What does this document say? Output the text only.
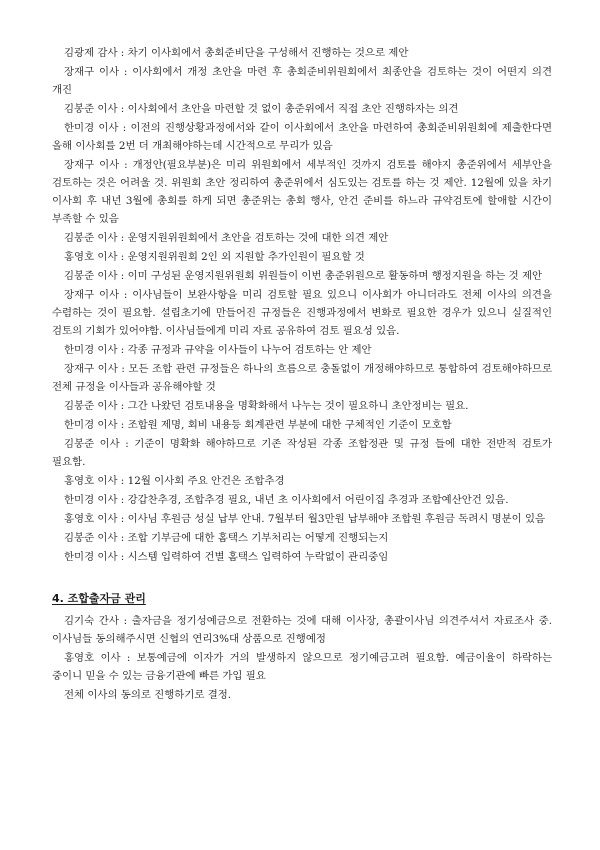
김광제 감사 : 차기 이사회에서 총회준비단을 구성해서 진행하는 것으로 제안

장재구 이사 : 이사회에서 개정 초안을 마련 후 총회준비위원회에서 최종안을 검토하는 것이 어떤지 의견 개진

김봉준 이사 : 이사회에서 초안을 마련할 것 없이 총준위에서 직접 초안 진행하자는 의견

한미경 이사 : 이전의 진행상황과정에서와 같이 이사회에서 초안을 마련하여 총회준비위원회에 제출한다면 올해 이사회를 2번 더 개최해야하는데 시간적으로 무리가 있음

장재구 이사 : 개정안(필요부분)은 미리 위원회에서 세부적인 것까지 검토를 해야지 총준위에서 세부안을 검토하는 것은 어려울 것. 위원회 초안 정리하여 총준위에서 심도있는 검토를 하는 것 제안. 12월에 있을 차기 이사회 후 내년 3월에 총회를 하게 되면 총준위는 총회 행사, 안건 준비를 하느라 규약검토에 할애할 시간이 부족할 수 있음

김봉준 이사 : 운영지원위원회에서 초안을 검토하는 것에 대한 의견 제안

홍영호 이사 : 운영지원위원회 2인 외 지원할 추가인원이 필요할 것

김봉준 이사 : 이미 구성된 운영지원위원회 위원들이 이번 총준위원으로 활동하며 행정지원을 하는 것 제안

장재구 이사 : 이사님들이 보완사항을 미리 검토할 필요 있으니 이사회가 아니더라도 전체 이사의 의견을 수렴하는 것이 필요함. 설립초기에 만들어진 규정들은 진행과정에서 변화로 필요한 경우가 있으니 실질적인 검토의 기회가 있어야함. 이사님들에게 미리 자료 공유하여 검토 필요성 있음.

한미경 이사 : 각종 규정과 규약을 이사들이 나누어 검토하는 안 제안

장재구 이사 : 모든 조합 관련 규정들은 하나의 흐름으로 충돌없이 개정해야하므로 통합하여 검토해야하므로 전체 규정을 이사들과 공유해야할 것

김봉준 이사 : 그간 나왔던 검토내용을 명확화해서 나누는 것이 필요하니 초안정비는 필요.

한미경 이사 : 조합원 제명, 회비 내용등 회계관련 부분에 대한 구체적인 기준이 모호함

김봉준 이사 : 기준이 명확화 해야하므로 기존 작성된 각종 조합정관 및 규정 들에 대한 전반적 검토가 필요함.

홍영호 이사 : 12월 이사회 주요 안건은 조합추경

한미경 이사 : 강갑찬추경, 조합추경 필요, 내년 초 이사회에서 어린이집 추경과 조합예산안건 있음.

홍영호 이사 : 이사님 후원금 성실 납부 안내. 7월부터 월3만원 납부해야 조합원 후원금 독려시 명분이 있음

김봉준 이사 : 조합 기부금에 대한 홈택스 기부처리는 어떻게 진행되는지

한미경 이사 : 시스템 입력하여 건별 홈택스 입력하여 누락없이 관리중임

4. 조합출자금 관리

김기숙 간사 : 출자금을 정기성예금으로 전환하는 것에 대해 이사장, 총괄이사님 의견주셔서 자료조사 중. 이사님들 동의해주시면 신협의 연리3%대 상품으로 진행예정

홍영호 이사 : 보통예금에 이자가 거의 발생하지 않으므로 정기예금고려 필요함. 예금이율이 하락하는 중이니 믿을 수 있는 금융기관에 빠른 가입 필요

전체 이사의 동의로 진행하기로 결정.
